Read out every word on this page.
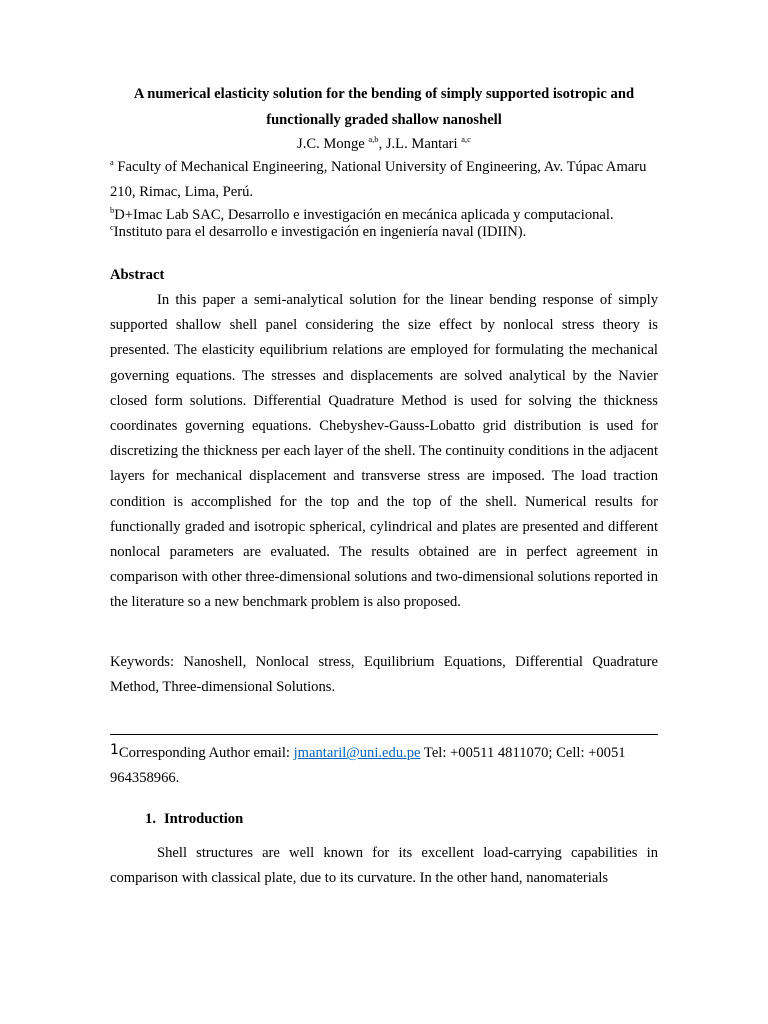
A numerical elasticity solution for the bending of simply supported isotropic and functionally graded shallow nanoshell

J.C. Monge $^{a,b}$, J.L. Mantari $^{a,c}$

$^a$ Faculty of Mechanical Engineering, National University of Engineering, Av. Túpac Amaru 210, Rimac, Lima, Perú.

$^b$D+Imac Lab SAC, Desarrollo e investigación en mecánica aplicada y computacional.

$^c$Instituto para el desarrollo e investigación en ingeniería naval (IDIIN).

Abstract

In this paper a semi-analytical solution for the linear bending response of simply supported shallow shell panel considering the size effect by nonlocal stress theory is presented. The elasticity equilibrium relations are employed for formulating the mechanical governing equations. The stresses and displacements are solved analytical by the Navier closed form solutions. Differential Quadrature Method is used for solving the thickness coordinates governing equations. Chebyshev-Gauss-Lobatto grid distribution is used for discretizing the thickness per each layer of the shell. The continuity conditions in the adjacent layers for mechanical displacement and transverse stress are imposed. The load traction condition is accomplished for the top and the top of the shell. Numerical results for functionally graded and isotropic spherical, cylindrical and plates are presented and different nonlocal parameters are evaluated. The results obtained are in perfect agreement in comparison with other three-dimensional solutions and two-dimensional solutions reported in the literature so a new benchmark problem is also proposed.

Keywords: Nanoshell, Nonlocal stress, Equilibrium Equations, Differential Quadrature Method, Three-dimensional Solutions.

1Corresponding Author email: jmantaril@uni.edu.pe Tel: +00511 4811070; Cell: +0051 964358966.

1. Introduction

Shell structures are well known for its excellent load-carrying capabilities in comparison with classical plate, due to its curvature. In the other hand, nanomaterials
